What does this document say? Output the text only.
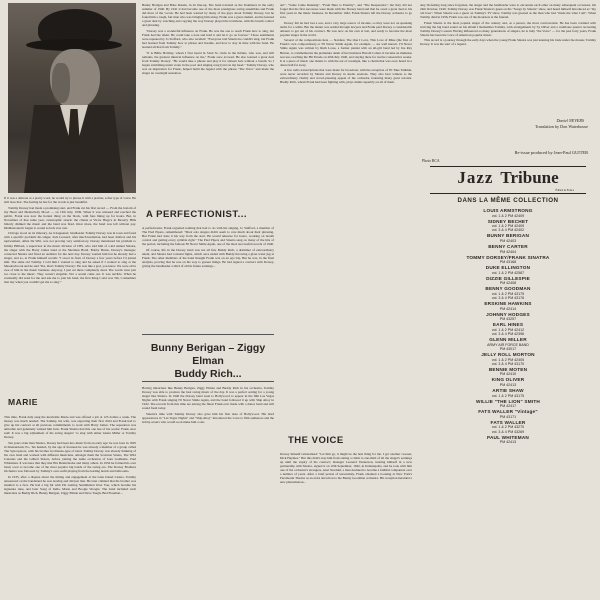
If it was a delicate or a pretty word, he would try to phrase it with a prettier, softer type of voice. He still does that. The feeling he has for the words is just beautiful.

Tommy Dorsey had made a promising start, and Frank cut his first record — From the bottom of my Heart and Melancholy Mood — on 13th July, 1939. When it was released and reached the public, Frank was now the hottest thing on the block, with fans lining up for hours. But, in November of that same year, catastrophic struck: the clients at Victor Hugo's in Beverly Hills bitterly disliked the music and the band was fired. Once more, the band was left without pay. Disillusioned it began to sound as luck was cast.

Chicago stood on its itinerary. As it happened, bandleader Tommy Dorsey was in town and fared with a specific problem: his singer, Jack Leonard, after much hesitation, had been drafted, and his replacement, Allen De Witt, was not proving very satisfactory. Dorsey mentioned his problem to Jimmy Hilliard, a supervisor in the music division of CBS, who told him of a kid named Sinatra, the singer with the Harry James band at the Sherman Hotel. Bobby Burns, Dorsey's manager, contacted Sinatra and fixed an audition for the next day. Dorsey wanted him but he already had a singer, and so, at Frank himself recalls: "I stood in front of Dorsey a few years before I'd joined him. The same old Tommy. I told him I wanted to sing and he asked if I wanted to sing at the Meadowbrook and he said 'Yes, that's Tommy Dorsey'. He was like a god, you know. We were all in awe of him in the music business. Anyway, I just sat there completely dead. The words were just too close to the music. They weren't singable. Not a sound came out. It was terrible. When he eventually did send for me and ask me to join his band, the first thing I said was 'Oh, I remember that day when you couldn't get me to sing'."

MARIE

This time, Frank duly sang the inevitable Marie and was offered a job at 125 dollars a week. The money was much needed. The Sammy, his wife, was expecting their first child and Frank had to give up his contract at all previous commitments to work with Harry James. The separation was amicable and genuinely wished him luck. Frank Sinatra had this one last of his works: Frank once said: It was a big adjustment of his swing singers' 'to sing with either Glenn Miller or Tommy Dorsey.

Ten years older than Sinatra, Dorsey had been into music from an early age: he was born in 1905 in Shenandoah, Pa., 'his handed, by the age of fourteen he was already a member of a group called The Syncopators, with his brother in Orleans-type of band. Tommy Dorsey was already thinking of his own band and worked with different musicians, amongst them the Scranton Sirens, The Wild Canaries and the Gilbert Sisters, before joining the name orchestras of Jean Goldkette, Paul Whiteman. It was here that they met Bix Beiderbecke and many others. In 1934 he formed his own band, soon to become one of the most popular big bands of the swing era. The Dorsey Brothers Orchestra was followed by Tommy's own outfit playing from the leading hotels and ballrooms.

In 1935, after a dispute about the timing and engagement at the Glen Island Casino, Tommy announced on the bandstand he was leaving and did just that. He later claimed that his brother was insulted to a face. He had a big hit with I'm Getting Sentimental Over You, which became his signature tune, and later Song of India, Marie and Boogie Woogie. The band included such musicians as Buddy Rich, Bunny Berigan, Ziggy Elman and Dave Tough, Bud Freeman...

Bunny Berigan and Babe Russin, in its line-up. The band traveled as the Teamsters in the early summer of 1940. By 1941 it had become one of the most prestigious swing ensembles and Frank did most of the vocals. He had been warned by many of the guys about Tommy Dorsey, but he found him a tough, fair man who was bringing him along. Frank was a great student, and he learned a great deal by watching and copying the way Dorsey played the trombone, with his breath control and phrasing.

"Dorsey was a wonderful influence on Frank. He was the one to teach Frank how to sing, but Frank had the talent. He could take a note and hold it and let it go on forever." Those sentiments were repeated by Jo Stafford, who also recalled: "Everyone told Sinatra he couldn't sing, but Frank had learned from Tommy how to phrase and breathe, and how to stay in time with the band. He learned all that from Tommy."

"It is Billie Holiday, whom I first heard in 52nd St. clubs in the thirties, who was, and still remains, the greatest musical influence on me," Frank once avowed. He also learned a great deal from Tommy Dorsey: "He would take a phrase and play it for sixteen bars without a breath. So I began swimming under water in the pool and singing song lyrics in my head." Tommy Dorsey, who was an inspiration for Frank, helped build the legend with the phrase "The Voice" and made the singer an overnight sensation.

A PERFECTIONIST...

A perfectionist, Frank regretted nothing that had to do with his singing, Jo Stafford, a member of The Pied Pipers, remembered: "Most solo singers didn't seem to care much about their phrasing. But Frank had done it his way from the start. He would rehearse for hours, working on breath control and getting every syllable right." The Pied Pipers and Sinatra sang on many of the hits of the period, including the famous I'll Never Smile Again, one of the most successful records of 1940.

Of course, life in the Dorsey band was not all fun; Buddy Rich, a drummer of extraordinary talent, and Sinatra had constant fights, which once ended with Buddy throwing a glass water jug at Frank. The other members of the band thought Frank was on an ego trip. But he was, in the final analysis, proving that he was on his way to greater things. He had signed a contract with Dorsey, giving the bandleader a third of all his future earnings...

Bunny Berigan – Ziggy Elman
Buddy Rich...

Having musicians like Bunny Berigan, Ziggy Elman and Buddy Rich in his orchestra, Tommy Dorsey was able to produce the best swing music of the day. It was a perfect setting for a young singer like Sinatra. In 1940 the Dorsey band went to Hollywood to appear in the film Las Vegas Nights with Frank singing I'll Never Smile Again, and the band followed it up with Ship Ahoy in 1942. The records from this time are among the finest Frank ever made with a dance band and still sound fresh today.

Sinatra's time with Tommy Dorsey also gave him his first taste of Hollywood. His brief appearances in "Las Vegas Nights" and "Ship Ahoy" introduced the voice to film audiences and the bobby-soxers who would soon make him a star.

Art", "Some Came Running", "From Here to Eternity", and "The Desperados"; but they did not forget that his first successes were made with the Dorsey band and that he owed a great deal to his first years in the music business. In December 1942, Frank Sinatra left the Dorsey orchestra to go solo.

Dorsey felt he had lost a son, and a very large source of income, so they were not on speaking terms for a while. But the matter was settled through lawyers and Frank paid Dorsey a considerable amount to get out of his contract. He was now on his own at last, and ready to become the most popular singer in the world.

Several of the compositions here — Stardust, The One I Love, This Love of Mine (the first of Frank's own compositions) or I'll Never Smile Again, for example — are well known. I'll Never Smile Again was written by Ruth Lowe, a former pianist with an all-girl band led by Ina Ray Hutton, to commemorate the premature death of her husband. Harold Cohen. It became an immense success, reaching the Hit Parade on 20th July 1940, and staying there for twelve consecutive weeks. It is a piece of music one listens to with the ear of nostalgia, like a charm that was once heard in a dance hall far away.

A few radio transcriptions that were made for broadcast, with the exception of I'll Take Tallulah, were never recorded by Sinatra and Dorsey in studio sessions. They also bear witness to the extraordinary vitality and crowd-pleasing appeal of the orchestra, featuring many great soloists. Buddy Rich, whom Frank had been fighting with, plays drums superbly on all of them.

THE VOICE

Dorsey himself rationalised: "Let him go, it might be the best thing for me. I got another crooner, Dick Haymes." But this didn't stop him from stating a claim to one-third of all the singer's earnings up until the expiry of his contract; manager Leonard Vannerson, trusting himself in a new partnership with Sinatra, signed it on 10th September, 1942, in Indianapolis, and he took with him one of the orchestra's arrangers, Axel Stordahl, a man destined to become a faithful companion over a number of years. After a brief period of uncertainty, Frank obtained a booking at New York's Paramount Theatre as an extra attraction to the Benny Goodman orchestra. His reception heralded a new phenomenon...

Any ill-feeling long since forgotten, the singer and the bandleader were to encounter each other on many subsequent occasions. On 24th October, 1949, Tommy Dorsey was Frank Sinatra's guest on his "Songs by Sinatra" show, and heard himself introduced as "my old boss". When Sinatra was a guest on Tommy's TV show, Tommy was greeted as the man who had "made me what I am". When Tommy died in 1956, Frank was one of the mourners at the funeral.

Frank Sinatra is the most popular singer of the century and, as a person, the most controversial. He has been credited with reviving the big band sound on his album I Remember Tommy, with arrangements by Sy Oliver and a trombone quartet recreating Tommy Dorsey's sound. Having influenced so many generations of singers, he is truly "the Voice" — for the past forty years, Frank Sinatra has been the voice of American popular music.

This record is a journey through the early days when the young Frank Sinatra was just learning his trade under the master, Tommy Dorsey. It was the start of a legend.

Daniel NEVERS
Translation by Don Waterhouse
Re-issue produced by Jean-Paul GUITER
Photo RCA
Jazz Tribune
Édition de France
DANS LA MÊME COLLECTION
LOUIS ARMSTRONG
vol. 1 & 2 PM 42409
SIDNEY BECHET
vol. 1 & 2 PM 42409
vol. 3 & 4 PM 42402
BUNNY BERIGAN
PM 42403
BENNY CARTER
PM 42404
TOMMY DORSEY/FRANK SINATRA
PM 43168
DUKE ELLINGTON
vol. 1 & 2 PM 42587
DIZZIE GILLESPIE
PM 42408
BENNY GOODMAN
vol. 1 & 2 PM 43175
vol. 3 & 4 PM 43176
ERSKINE HAWKINS
PM 42414
JOHNNY HODGES
PM 43257
EARL HINES
vol. 1 & 2 PM 42412
vol. 3 & 4 PM 42396
GLENN MILLER
ARMY AIR FORCE BAND
PM 43017
JELLY ROLL MORTON
vol. 1 & 2 PM 42405
vol. 3 & 4 PM 43170
BENNIE MOTEN
PM 42410
KING OLIVER
PM 42413
ARTIE SHAW
vol. 1 & 2 PM 43175
WILLIE "THE LION" SMITH
PM 42417
FATS WALLER "Vintage"
PM 43171
FATS WALLER
vol. 1 & 2 PM 43270
vol. 3 & 4 PM 43269
PAUL WHITEMAN
PM 42413
